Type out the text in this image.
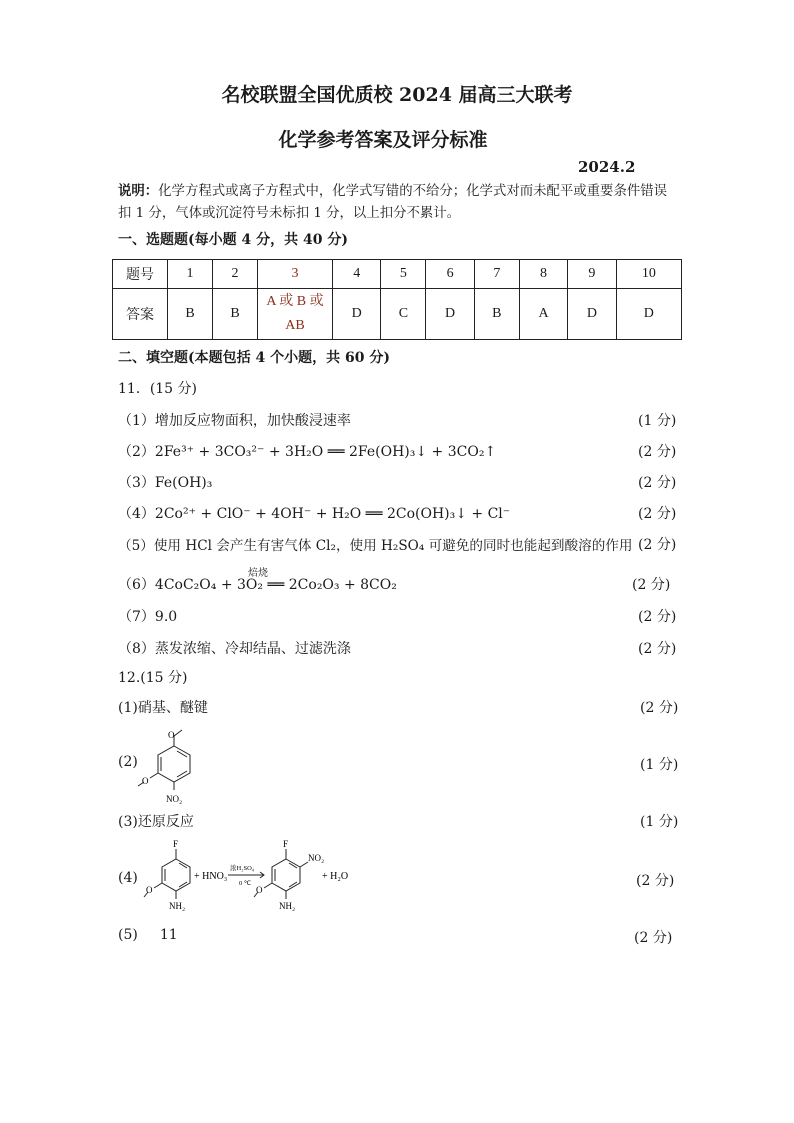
名校联盟全国优质校 2024 届高三大联考
化学参考答案及评分标准
2024.2
说明：化学方程式或离子方程式中，化学式写错的不给分；化学式对而未配平或重要条件错误扣 1 分，气体或沉淀符号未标扣 1 分，以上扣分不累计。
一、选题题(每小题 4 分，共 40 分)
题号	1	2	3	4	5	6	7	8	9	10
答案	B	B	A 或 B 或 AB	D	C	D	B	A	D	D
二、填空题(本题包括 4 个小题，共 60 分)
11．(15 分)
（1）增加反应物面积，加快酸浸速率	(1 分)
（2）2Fe³⁺ + 3CO₃²⁻ + 3H₂O ══ 2Fe(OH)₃↓ + 3CO₂↑	(2 分)
（3）Fe(OH)₃	(2 分)
（4）2Co²⁺ + ClO⁻ + 4OH⁻ + H₂O ══ 2Co(OH)₃↓ + Cl⁻	(2 分)
（5）使用 HCl 会产生有害气体 Cl₂，使用 H₂SO₄ 可避免的同时也能起到酸溶的作用 (2 分)
（6）4CoC₂O₄ + 3O₂ ══ 2Co₂O₃ + 8CO₂
焙烧
(2 分)
（7）9.0	(2 分)
（8）蒸发浓缩、冷却结晶、过滤洗涤	(2 分)
12.(15 分)
(1)硝基、醚键	(2 分)
(2)
O
O
NO₂
(1 分)
(3)还原反应	(1 分)
(4)
F
O
NH₂
+ HNO₃
浓H₂SO₄
0 ℃
F
NO₂
O
NH₂
+ H₂O	(2 分)
(5) 11	(2 分)
